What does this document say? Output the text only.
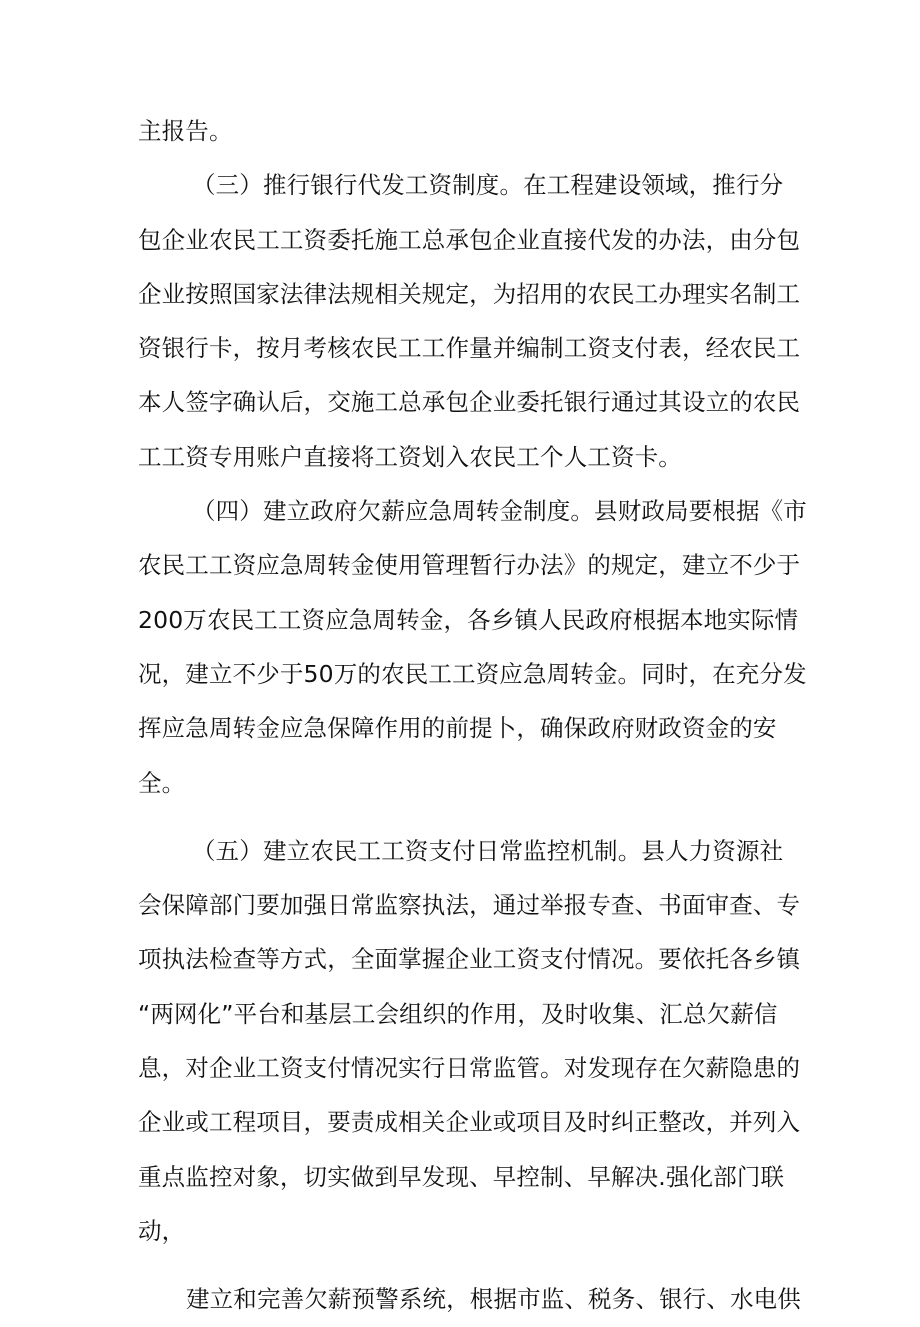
主报告。
（三）推行银行代发工资制度。在工程建设领域，推行分
包企业农民工工资委托施工总承包企业直接代发的办法，由分包
企业按照国家法律法规相关规定，为招用的农民工办理实名制工
资银行卡，按月考核农民工工作量并编制工资支付表，经农民工
本人签字确认后，交施工总承包企业委托银行通过其设立的农民
工工资专用账户直接将工资划入农民工个人工资卡。
（四）建立政府欠薪应急周转金制度。县财政局要根据《市
农民工工资应急周转金使用管理暂行办法》的规定，建立不少于
200万农民工工资应急周转金，各乡镇人民政府根据本地实际情
况，建立不少于50万的农民工工资应急周转金。同时，在充分发
挥应急周转金应急保障作用的前提卜，确保政府财政资金的安
全。
（五）建立农民工工资支付日常监控机制。县人力资源社
会保障部门要加强日常监察执法，通过举报专查、书面审查、专
项执法检查等方式，全面掌握企业工资支付情况。要依托各乡镇
“两网化”平台和基层工会组织的作用，及时收集、汇总欠薪信
息，对企业工资支付情况实行日常监管。对发现存在欠薪隐患的
企业或工程项目，要责成相关企业或项目及时纠正整改，并列入
重点监控对象，切实做到早发现、早控制、早解决.强化部门联
动，
建立和完善欠薪预警系统，根据市监、税务、银行、水电供
